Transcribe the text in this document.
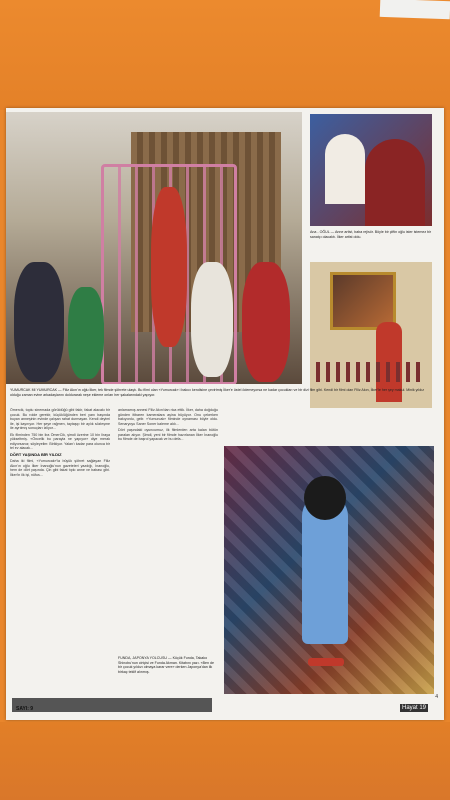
Ana - OĞUL — Anne artist, baba rejisör. Böyle bir çiftin oğlu ister istemez bir sanatçı olacaktı. İlker artist oldu.
YUMURCAK MI YUMURCAK — Filiz Akın'ın oğlu İlker, tek filmde şöhrete ulaştı. Bu filmi olan «Yumurcak» i bakıcı kendisine çevirtmiş İlker'e üstel ödemeyorsa ne kadar çocukları ve bir dizi film gibi. Kendi bir filmi olan Filiz Akın, İlker'le her şey makul. Minik yıldız olduğu zaman evine arkadaşlarını doldurarak neşe ekleme onları her şakalarındaki yapıyor.

Ömercik, toplu sinemada görüldüğü gibi fakir, fakat alacakı bir çocuk. Bu rolde gerekir, küçüklüğünden beri yanı başında buyan anneşinin evinde çalışan rahat durmayan. Kendi deyimi ile, işi kayırıyor. Her şeye rağmen, taytaşıp bir aylık sözleşme ile ayrılmış sonuçları izliyor...

Ek filminden 750 bin lira ÖmerCik, şimdi üzerine 10 bin liraya yükseltmiş. «Öncelik bu parayla ne yapıyor» diye merak ediyorsanız; söyleyelim: Birikiyor. Yalan'ı kadar para olunca bir tel ev alacak...

DÖRT YAŞINDA BİR YILDIZ

Daha iki filmi, «Yumurcak»'la büyük şöhret sağlayan Filiz Akın'ın oğlu İlker İnanoğlu'nun gazeteleri yazdığı, İnanoğlu, hem de dört yaşında. Çin gibi fakat tıpkı anne ve babası gibi. İlker'in ilk işi, nüfus...

anlamamış annesi Filiz Akın'dan rica ettik. İlker, daha doğduğu günden itibaren kameralara aşina büyüyor. Onu çekerken bakıyordu, gelir. «Yumurcak» filminde oynaması böyle oldu. Senaryoyu Saner Soner kaleme aldı...

Dört yaşındaki oyuncumuz, ilk filmlerden arta kalan bütün paraları alıyor. Şimdi, yeni bir filmde hazırlanan İlker İnanoğlu bu filmde de başrol yapacak ve bu defa...

FUNDA, JAPONYA YOLCUSU — Küçük Funda, Takako Shinobu'nun cirtçisi ve Funda Akman. Kitabını yazı. «Ben de bir çocuk yıldızı olmaya karar vere» derken Japonya'dan ilk birkaç teklif alınmış.
SAYI: 9	Hayat 19
4
